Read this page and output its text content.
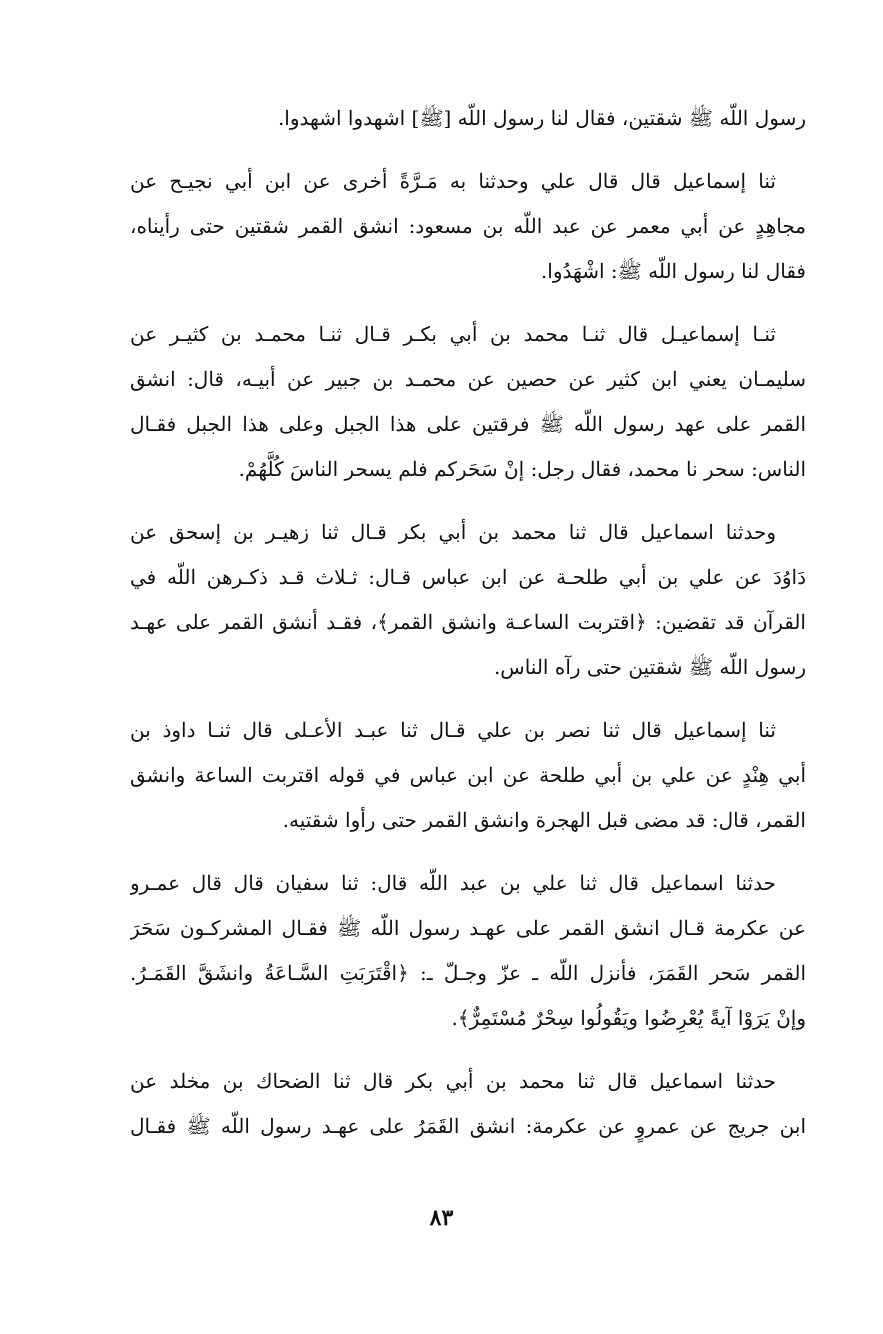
رسول اللّه ﷺ شقتين، فقال لنا رسول اللّه [ﷺ] اشهدوا اشهدوا.
ثنا إسماعيل قال قال علي وحدثنا به مَـرَّةً أخرى عن ابن أبي نجيـح عن
مجاهِدٍ عن أبي معمر عن عبد اللّه بن مسعود: انشق القمر شقتين حتى رأيناه،
فقال لنا رسول اللّه ﷺ: اشْهَدُوا.
ثنـا إسماعيـل قال ثنـا محمد بن أبي بكـر قـال ثنـا محمـد بن كثيـر عن
سليمـان يعني ابن كثير عن حصين عن محمـد بن جبير عن أبيـه، قال: انشق
القمر على عهد رسول اللّه ﷺ فرقتين على هذا الجبل وعلى هذا الجبل فقـال
الناس: سحر نا محمد، فقال رجل: إنْ سَحَركم فلم يسحر الناسَ كُلَّهُمْ.
وحدثنا اسماعيل قال ثنا محمد بن أبي بكر قـال ثنا زهيـر بن إسحق عن
دَاوُدَ عن علي بن أبي طلحـة عن ابن عباس قـال: ثـلاث قـد ذكـرهن اللّه في
القرآن قد تقضين: ﴿اقتربت الساعـة وانشق القمر﴾، فقـد أنشق القمر على عهـد
رسول اللّه ﷺ شقتين حتى رآه الناس.
ثنا إسماعيل قال ثنا نصر بن علي قـال ثنا عبـد الأعـلى قال ثنـا داوذ بن
أبي هِنْدٍ عن علي بن أبي طلحة عن ابن عباس في قوله اقتربت الساعة وانشق
القمر، قال: قد مضى قبل الهجرة وانشق القمر حتى رأوا شقتيه.
حدثنا اسماعيل قال ثنا علي بن عبد اللّه قال: ثنا سفيان قال قال عمـرو
عن عكرمة قـال انشق القمر على عهـد رسول اللّه ﷺ فقـال المشركـون سَحَرَ
القمر سَحر القَمَرَ، فأنزل اللّه ـ عزّ وجـلّ ـ: ﴿اقْتَرَبَتِ السَّـاعَةُ وانشَقَّ القَمَـرُ.
وإنْ يَرَوْا آيةً يُعْرِضُوا ويَقُولُوا سِحْرٌ مُسْتَمِرٌّ﴾.
حدثنا اسماعيل قال ثنا محمد بن أبي بكر قال ثنا الضحاك بن مخلد عن
ابن جريج عن عمروٍ عن عكرمة: انشق القَمَرُ على عهـد رسول اللّه ﷺ فقـال
٨٣
